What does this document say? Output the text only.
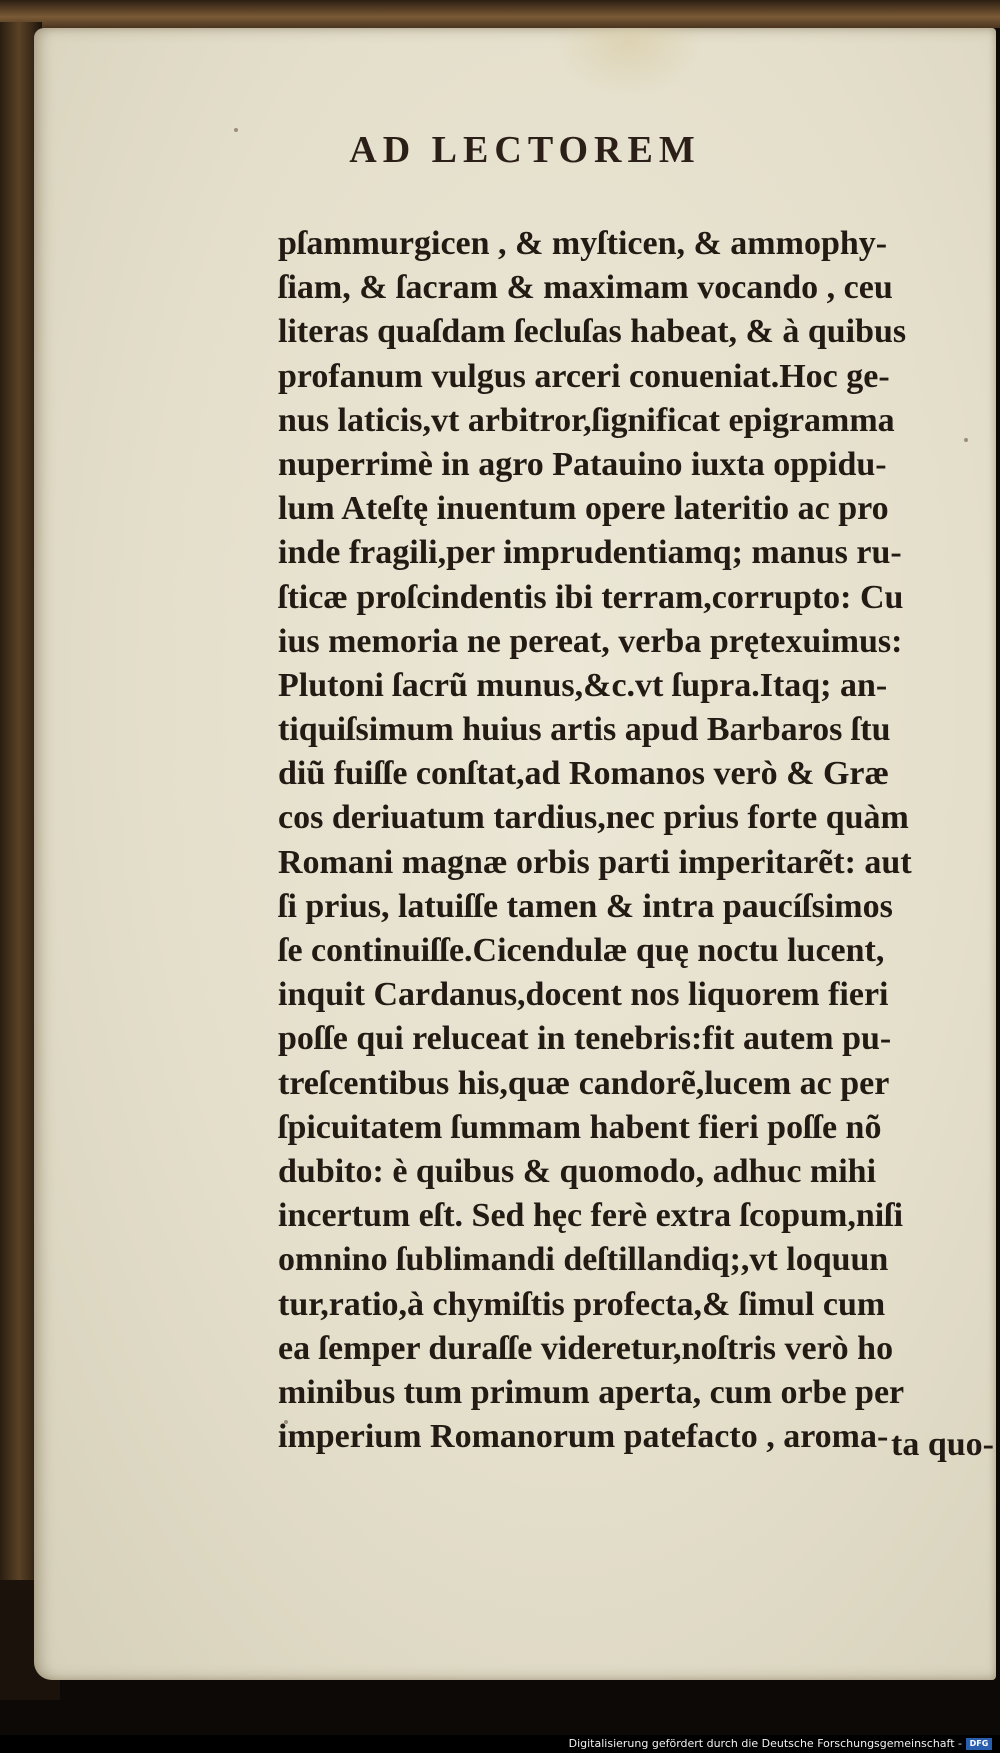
AD LECTOREM
pſammurgicen , & myſticen, & ammophy-
ſiam, & ſacram & maximam vocando , ceu
literas quaſdam ſecluſas habeat, & à quibus
profanum vulgus arceri conueniat.Hoc ge-
nus laticis,vt arbitror,ſignificat epigramma
nuperrimè in agro Patauino iuxta oppidu-
lum Ateſtę inuentum opere lateritio ac pro
inde fragili,per imprudentiamq; manus ru-
ſticæ proſcindentis ibi terram,corrupto: Cu
ius memoria ne pereat, verba prętexuimus:
Plutoni ſacrũ munus,&c.vt ſupra.Itaq; an-
tiquiſsimum huius artis apud Barbaros ſtu
diũ fuiſſe conſtat,ad Romanos verò & Græ
cos deriuatum tardius,nec prius forte quàm
Romani magnæ orbis parti imperitarẽt: aut
ſi prius, latuiſſe tamen & intra paucíſsimos
ſe continuiſſe.Cicendulæ quę noctu lucent,
inquit Cardanus,docent nos liquorem fieri
poſſe qui reluceat in tenebris:fit autem pu-
treſcentibus his,quæ candorẽ,lucem ac per
ſpicuitatem ſummam habent fieri poſſe nõ
dubito: è quibus & quomodo, adhuc mihi
incertum eſt. Sed hęc ferè extra ſcopum,niſi
omnino ſublimandi deſtillandiq;,vt loquun
tur,ratio,à chymiſtis profecta,& ſimul cum
ea ſemper duraſſe videretur,noſtris verò ho
minibus tum primum aperta, cum orbe per
imperium Romanorum patefacto , aroma- ta quo-
Digitalisierung gefördert durch die Deutsche Forschungsgemeinschaft - DFG
